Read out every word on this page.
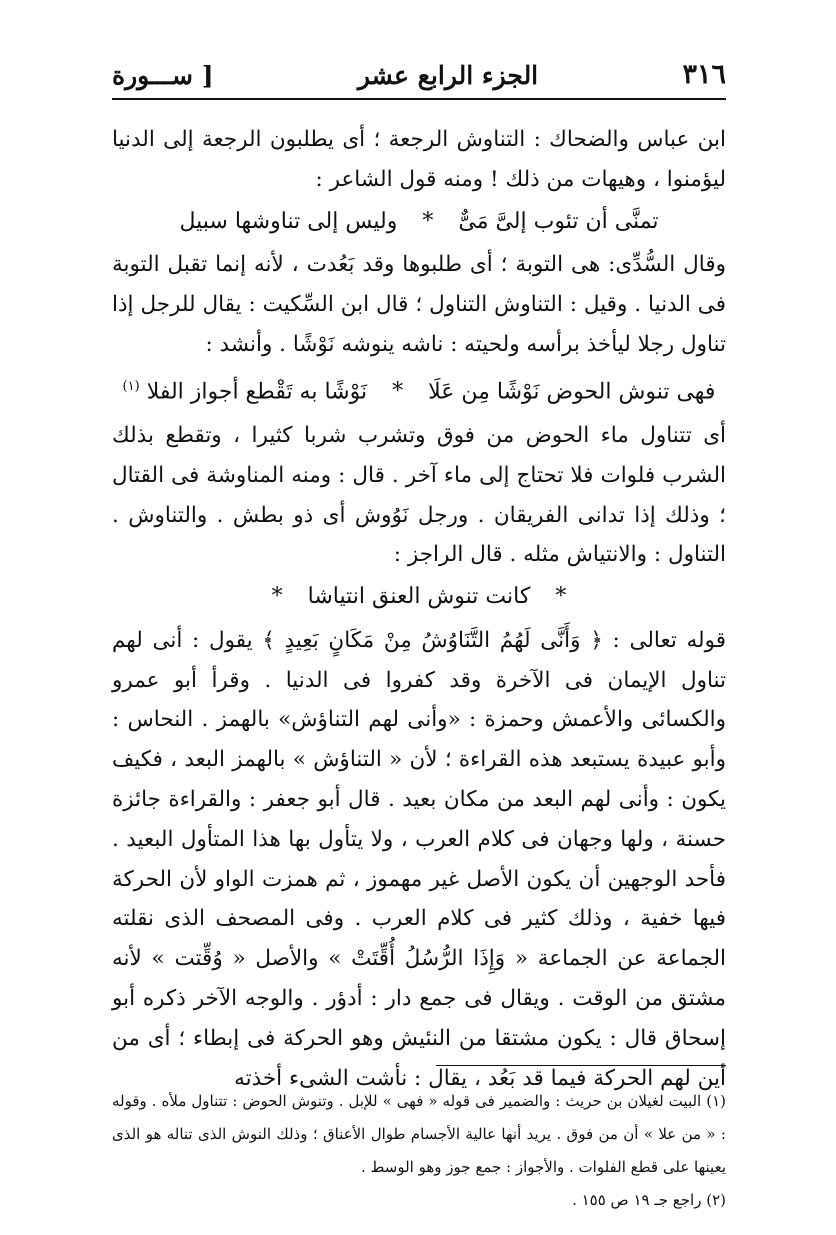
٣١٦
الجزء الرابع عشر
[ ســـورة

ابن عباس والضحاك : التناوش الرجعة ؛ أى يطلبون الرجعة إلى الدنيا ليؤمنوا ، وهيهات من ذلك ! ومنه قول الشاعر :

تمنَّى أن تئوب إلىَّ مَىٌّ * وليس إلى تناوشها سبيل

وقال السُّدِّى: هى التوبة ؛ أى طلبوها وقد بَعُدت ، لأنه إنما تقبل التوبة فى الدنيا . وقيل : التناوش التناول ؛ قال ابن السِّكيت : يقال للرجل إذا تناول رجلا ليأخذ برأسه ولحيته : ناشه ينوشه نَوْشًا . وأنشد :

فهى تنوش الحوض نَوْشًا مِن عَلَا * نَوْشًا به تَقْطع أجواز الفلا $^{(١)}$

أى تتناول ماء الحوض من فوق وتشرب شربا كثيرا ، وتقطع بذلك الشرب فلوات فلا تحتاج إلى ماء آخر . قال : ومنه المناوشة فى القتال ؛ وذلك إذا تدانى الفريقان . ورجل نَوُوش أى ذو بطش . والتناوش . التناول : والانتياش مثله . قال الراجز :

* كانت تنوش العنق انتياشا *

قوله تعالى : ﴿ وَأَنَّى لَهُمُ التَّنَاوُشُ مِنْ مَكَانٍ بَعِيدٍ ﴾ يقول : أنى لهم تناول الإيمان فى الآخرة وقد كفروا فى الدنيا . وقرأ أبو عمرو والكسائى والأعمش وحمزة : «وأنى لهم التناؤش» بالهمز . النحاس : وأبو عبيدة يستبعد هذه القراءة ؛ لأن « التناؤش » بالهمز البعد ، فكيف يكون : وأنى لهم البعد من مكان بعيد . قال أبو جعفر : والقراءة جائزة حسنة ، ولها وجهان فى كلام العرب ، ولا يتأول بها هذا المتأول البعيد . فأحد الوجهين أن يكون الأصل غير مهموز ، ثم همزت الواو لأن الحركة فيها خفية ، وذلك كثير فى كلام العرب . وفى المصحف الذى نقلته الجماعة عن الجماعة « وَإِذَا الرُّسُلُ أُقِّتَتْ » والأصل « وُقِّتت » لأنه مشتق من الوقت . ويقال فى جمع دار : أدؤر . والوجه الآخر ذكره أبو إسحاق قال : يكون مشتقا من النئيش وهو الحركة فى إبطاء ؛ أى من أين لهم الحركة فيما قد بَعُد ، يقال : نأشت الشىء أخذته

(١) البيت لغيلان بن حريث : والضمير فى قوله « فهى » للإبل . وتنوش الحوض : تتناول ملأه . وقوله : « من علا » أن من فوق . يريد أنها عالية الأجسام طوال الأعناق ؛ وذلك النوش الذى تناله هو الذى يعينها على قطع الفلوات . والأجواز : جمع جوز وهو الوسط .

(٢) راجع جـ ١٩ ص ١٥٥ .
